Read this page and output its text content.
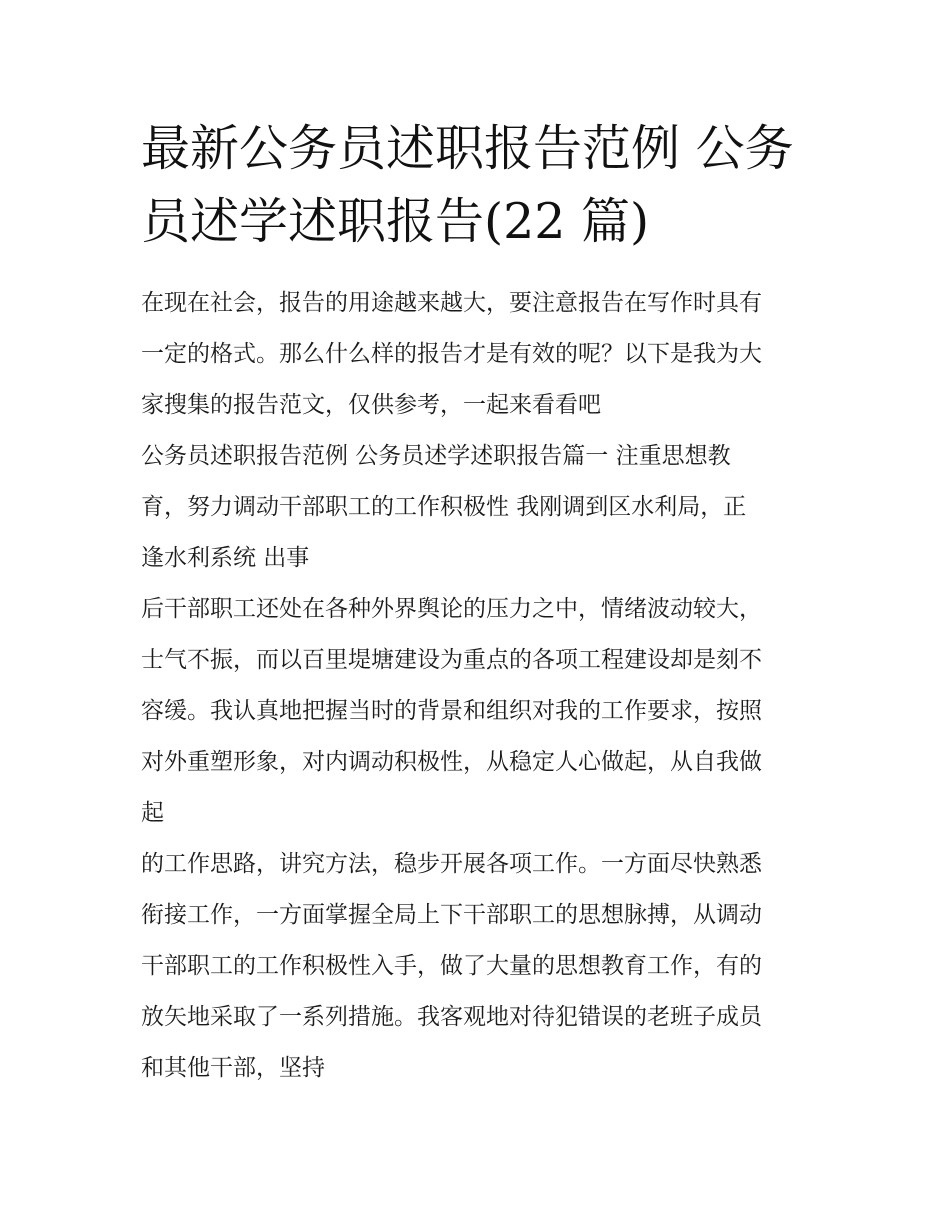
最新公务员述职报告范例 公务
员述学述职报告(22 篇)

在现在社会，报告的用途越来越大，要注意报告在写作时具有
一定的格式。那么什么样的报告才是有效的呢？以下是我为大
家搜集的报告范文，仅供参考，一起来看看吧

公务员述职报告范例 公务员述学述职报告篇一 注重思想教
育，努力调动干部职工的工作积极性 我刚调到区水利局，正
逢水利系统 出事

后干部职工还处在各种外界舆论的压力之中，情绪波动较大，
士气不振，而以百里堤塘建设为重点的各项工程建设却是刻不
容缓。我认真地把握当时的背景和组织对我的工作要求，按照
对外重塑形象，对内调动积极性，从稳定人心做起，从自我做
起

的工作思路，讲究方法，稳步开展各项工作。一方面尽快熟悉
衔接工作，一方面掌握全局上下干部职工的思想脉搏，从调动
干部职工的工作积极性入手，做了大量的思想教育工作，有的
放矢地采取了一系列措施。我客观地对待犯错误的老班子成员
和其他干部，坚持
